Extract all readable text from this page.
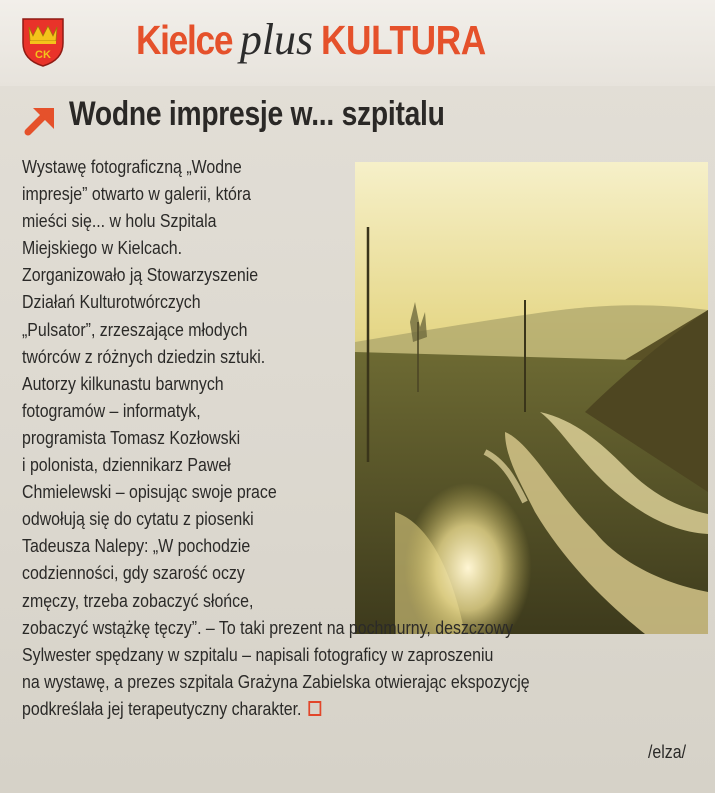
CK Kielce plus KULTURA
Wodne impresje w... szpitalu
Wystawę fotograficzną „Wodne
impresje” otwarto w galerii, która
mieści się... w holu Szpitala
Miejskiego w Kielcach.
Zorganizowało ją Stowarzyszenie
Działań Kulturotwórczych
„Pulsator”, zrzeszające młodych
twórców z różnych dziedzin sztuki.
Autorzy kilkunastu barwnych
fotogramów – informatyk,
programista Tomasz Kozłowski
i polonista, dziennikarz Paweł
Chmielewski – opisując swoje prace
odwołują się do cytatu z piosenki
Tadeusza Nalepy: „W pochodzie
codzienności, gdy szarość oczy
zmęczy, trzeba zobaczyć słońce,
zobaczyć wstążkę tęczy”. – To taki prezent na pochmurny, deszczowy
Sylwester spędzany w szpitalu – napisali fotograficy w zaproszeniu
na wystawę, a prezes szpitala Grażyna Zabielska otwierając ekspozycję
podkreślała jej terapeutyczny charakter.
/elza/
